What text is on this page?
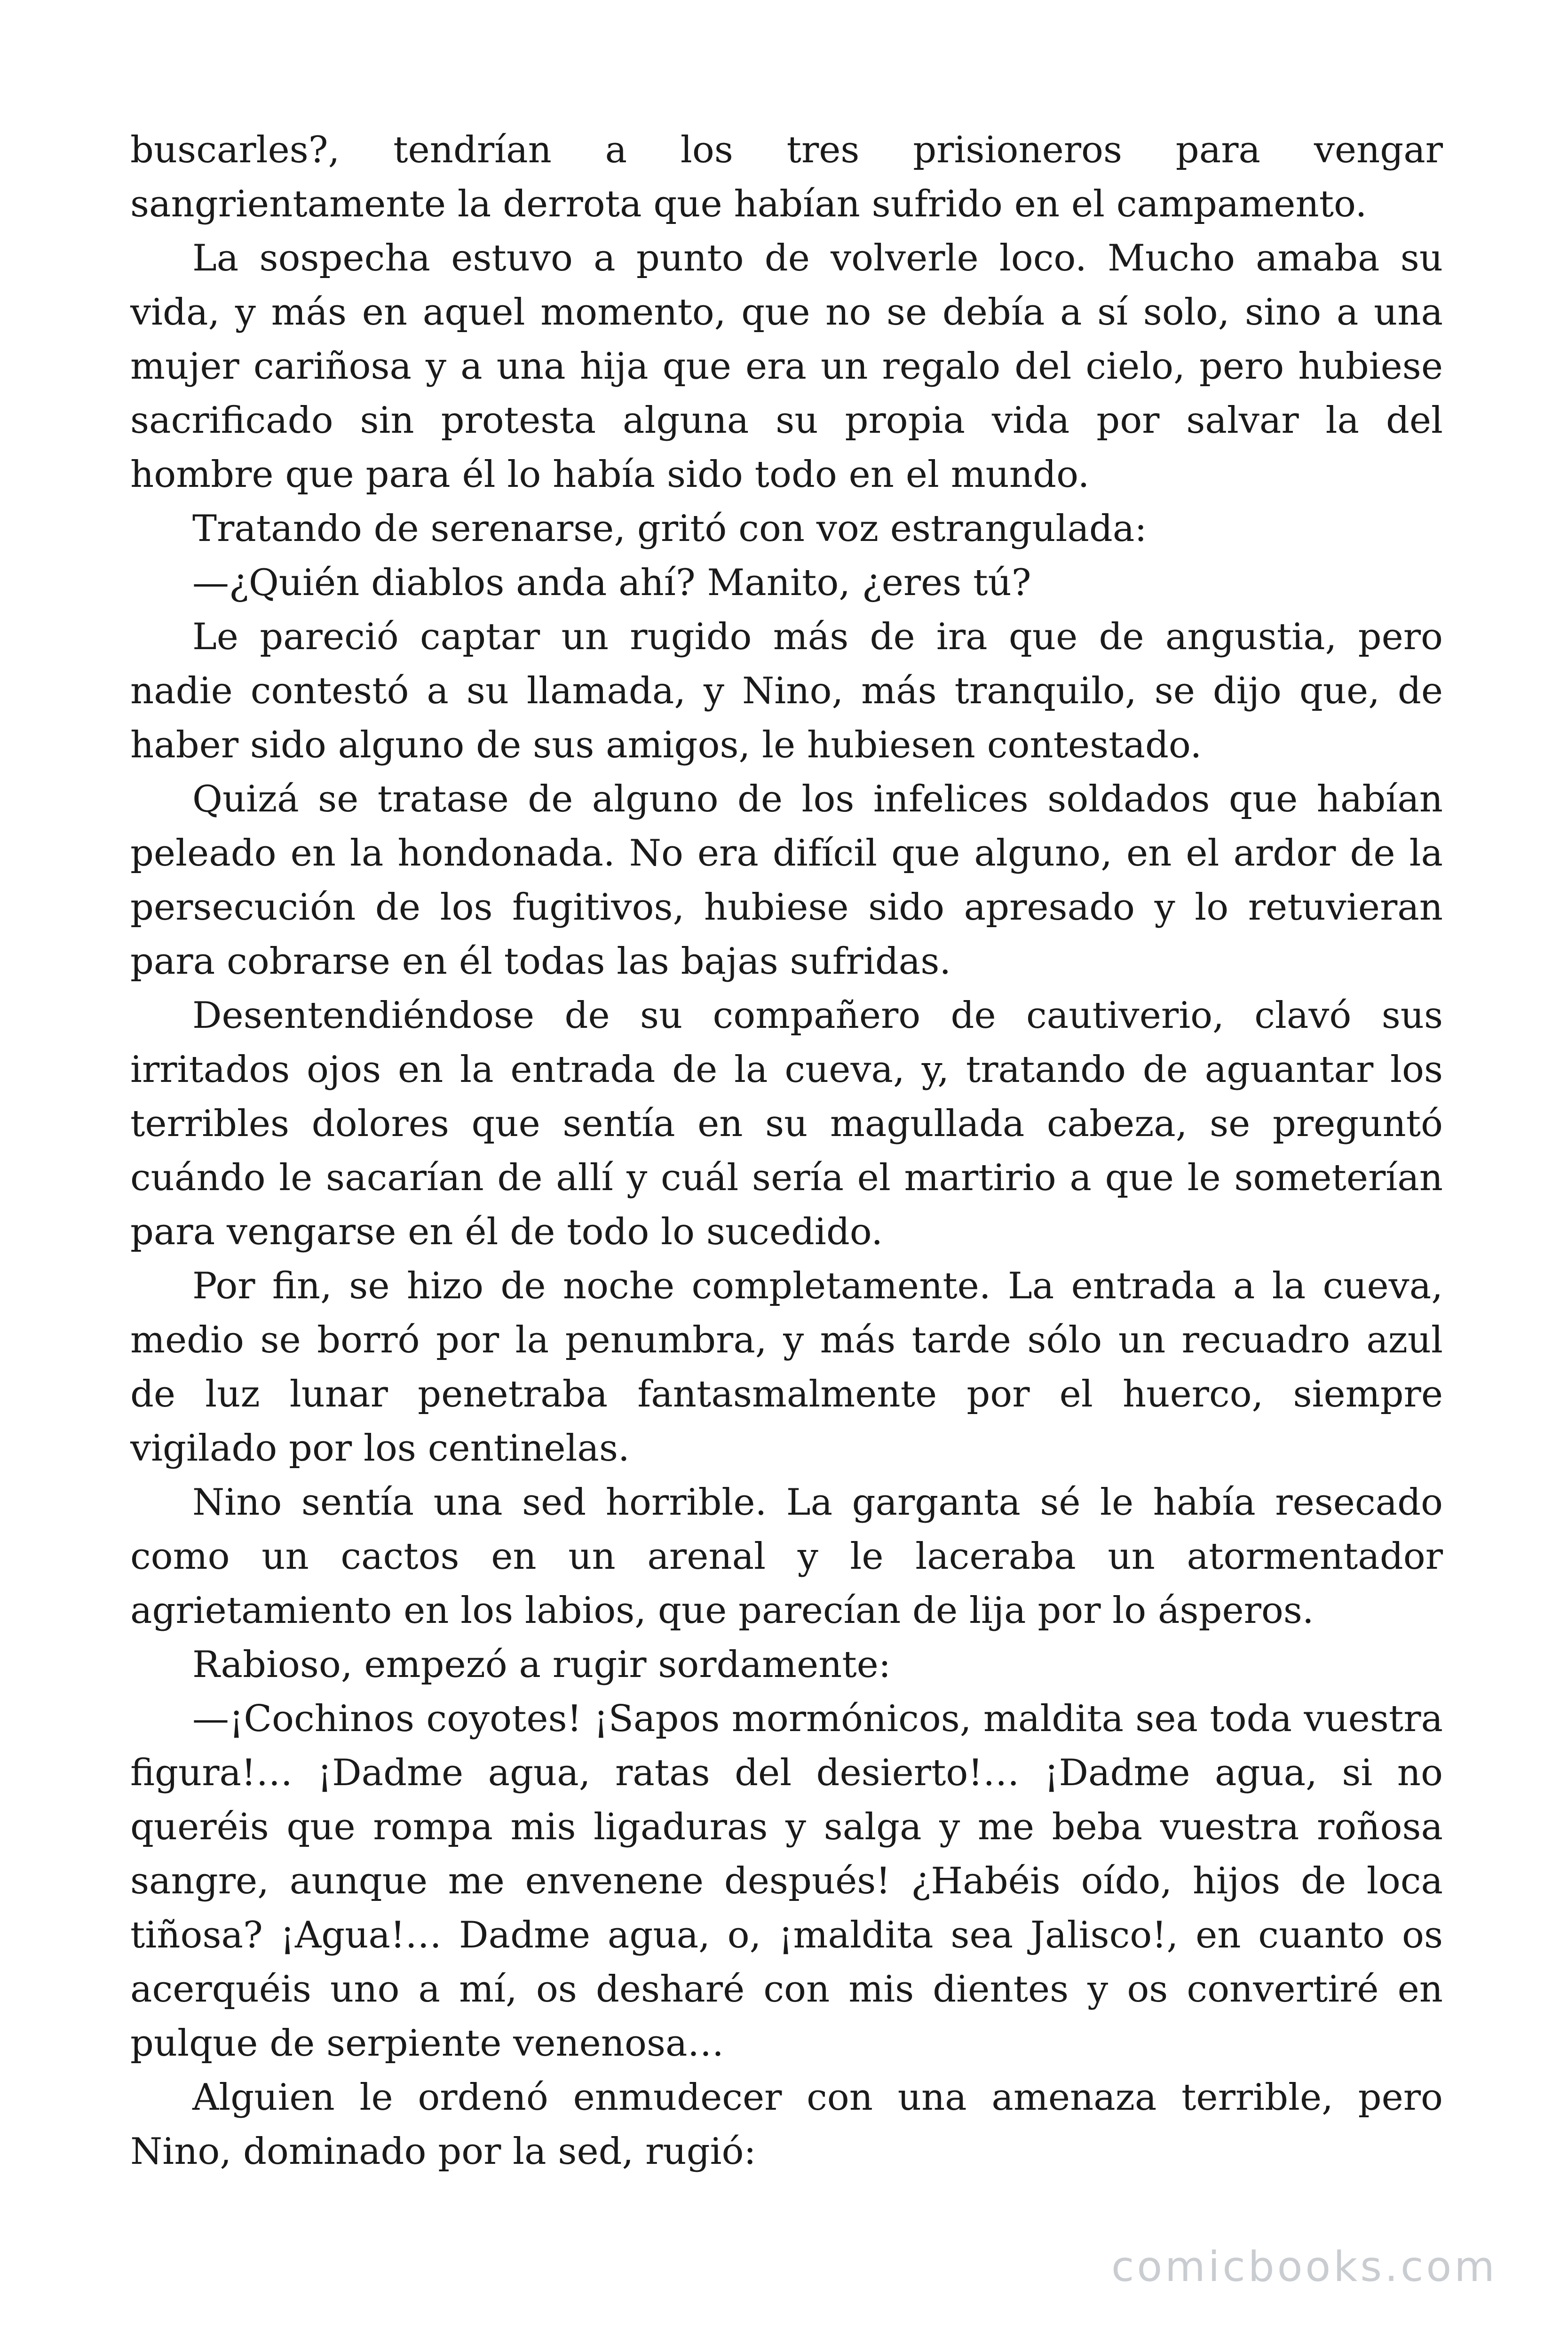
buscarles?, tendrían a los tres prisioneros para vengar sangrientamente la derrota que habían sufrido en el campamento.

La sospecha estuvo a punto de volverle loco. Mucho amaba su vida, y más en aquel momento, que no se debía a sí solo, sino a una mujer cariñosa y a una hija que era un regalo del cielo, pero hubiese sacrificado sin protesta alguna su propia vida por salvar la del hombre que para él lo había sido todo en el mundo.

Tratando de serenarse, gritó con voz estrangulada:

—¿Quién diablos anda ahí? Manito, ¿eres tú?

Le pareció captar un rugido más de ira que de angustia, pero nadie contestó a su llamada, y Nino, más tranquilo, se dijo que, de haber sido alguno de sus amigos, le hubiesen contestado.

Quizá se tratase de alguno de los infelices soldados que habían peleado en la hondonada. No era difícil que alguno, en el ardor de la persecución de los fugitivos, hubiese sido apresado y lo retuvieran para cobrarse en él todas las bajas sufridas.

Desentendiéndose de su compañero de cautiverio, clavó sus irritados ojos en la entrada de la cueva, y, tratando de aguantar los terribles dolores que sentía en su magullada cabeza, se preguntó cuándo le sacarían de allí y cuál sería el martirio a que le someterían para vengarse en él de todo lo sucedido.

Por fin, se hizo de noche completamente. La entrada a la cueva, medio se borró por la penumbra, y más tarde sólo un recuadro azul de luz lunar penetraba fantasmalmente por el huerco, siempre vigilado por los centinelas.

Nino sentía una sed horrible. La garganta sé le había resecado como un cactos en un arenal y le laceraba un atormentador agrietamiento en los labios, que parecían de lija por lo ásperos.

Rabioso, empezó a rugir sordamente:

—¡Cochinos coyotes! ¡Sapos mormónicos, maldita sea toda vuestra figura!… ¡Dadme agua, ratas del desierto!… ¡Dadme agua, si no queréis que rompa mis ligaduras y salga y me beba vuestra roñosa sangre, aunque me envenene después! ¿Habéis oído, hijos de loca tiñosa? ¡Agua!… Dadme agua, o, ¡maldita sea Jalisco!, en cuanto os acerquéis uno a mí, os desharé con mis dientes y os convertiré en pulque de serpiente venenosa…

Alguien le ordenó enmudecer con una amenaza terrible, pero Nino, dominado por la sed, rugió:

comicbooks.com
